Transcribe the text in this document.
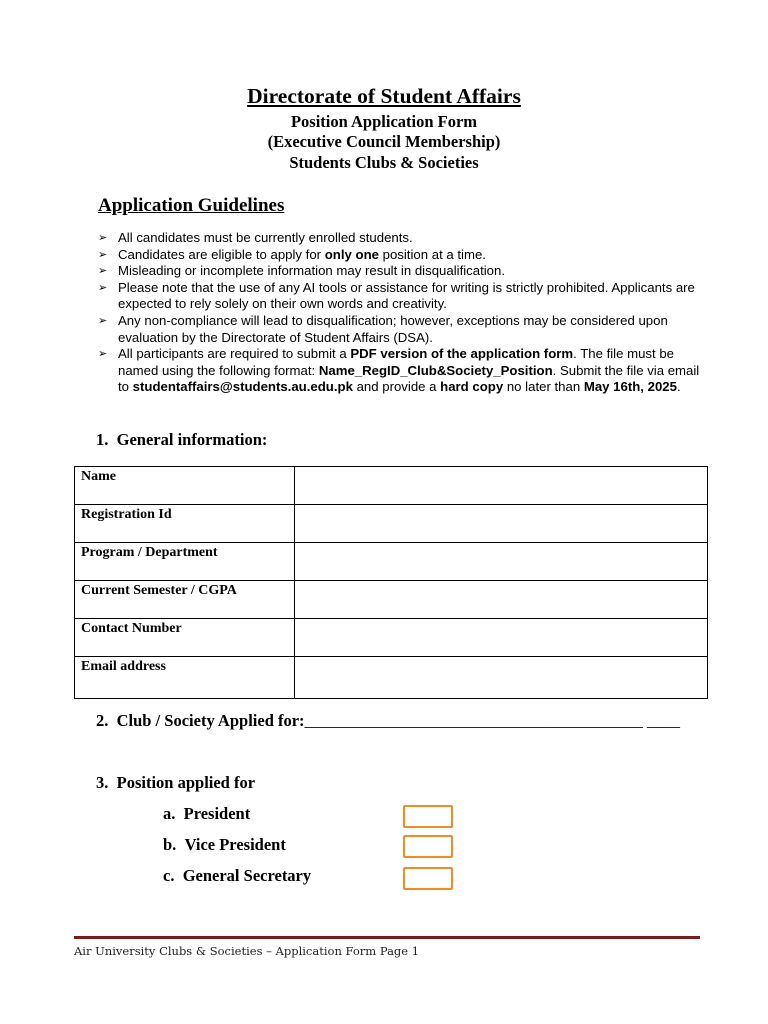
Directorate of Student Affairs
Position Application Form
(Executive Council Membership)
Students Clubs & Societies
Application Guidelines
➢ All candidates must be currently enrolled students.
➢ Candidates are eligible to apply for only one position at a time.
➢ Misleading or incomplete information may result in disqualification.
➢ Please note that the use of any AI tools or assistance for writing is strictly prohibited. Applicants are expected to rely solely on their own words and creativity.
➢ Any non-compliance will lead to disqualification; however, exceptions may be considered upon evaluation by the Directorate of Student Affairs (DSA).
➢ All participants are required to submit a PDF version of the application form. The file must be named using the following format: Name_RegID_Club&Society_Position. Submit the file via email to studentaffairs@students.au.edu.pk and provide a hard copy no later than May 16th, 2025.
1. General information:
Name	
Registration Id	
Program / Department	
Current Semester / CGPA	
Contact Number	
Email address	
2. Club / Society Applied for:_________________________________________ ____
3. Position applied for
a. President
b. Vice President
c. General Secretary
Air University Clubs & Societies – Application Form Page 1
